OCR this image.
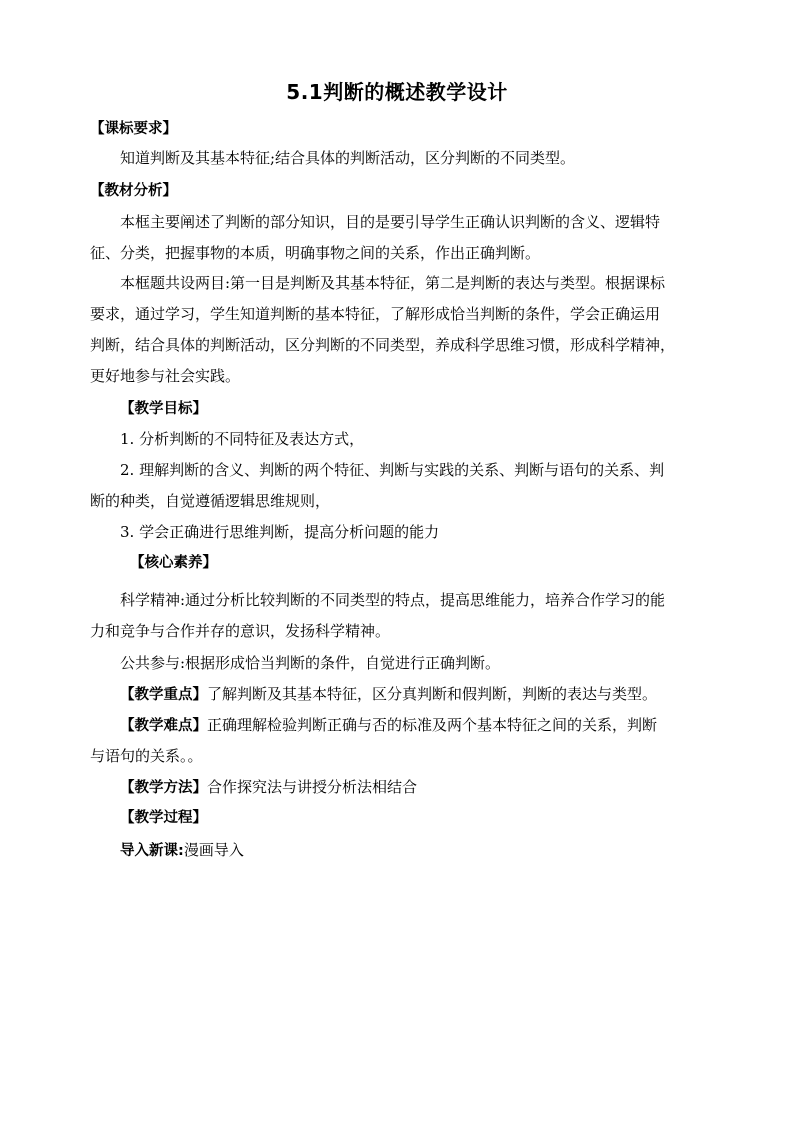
5.1判断的概述教学设计
【课标要求】
知道判断及其基本特征;结合具体的判断活动，区分判断的不同类型。
【教材分析】
本框主要阐述了判断的部分知识，目的是要引导学生正确认识判断的含义、逻辑特
征、分类，把握事物的本质，明确事物之间的关系，作出正确判断。
本框题共设两目:第一目是判断及其基本特征，第二是判断的表达与类型。根据课标
要求，通过学习，学生知道判断的基本特征，了解形成恰当判断的条件，学会正确运用
判断，结合具体的判断活动，区分判断的不同类型，养成科学思维习惯，形成科学精神，
更好地参与社会实践。
【教学目标】
1. 分析判断的不同特征及表达方式，
2. 理解判断的含义、判断的两个特征、判断与实践的关系、判断与语句的关系、判
断的种类，自觉遵循逻辑思维规则，
3. 学会正确进行思维判断，提高分析问题的能力
【核心素养】
科学精神:通过分析比较判断的不同类型的特点，提高思维能力，培养合作学习的能
力和竞争与合作并存的意识，发扬科学精神。
公共参与:根据形成恰当判断的条件，自觉进行正确判断。
【教学重点】了解判断及其基本特征，区分真判断和假判断，判断的表达与类型。
【教学难点】正确理解检验判断正确与否的标准及两个基本特征之间的关系，判断
与语句的关系。。
【教学方法】合作探究法与讲授分析法相结合
【教学过程】
导入新课:漫画导入
